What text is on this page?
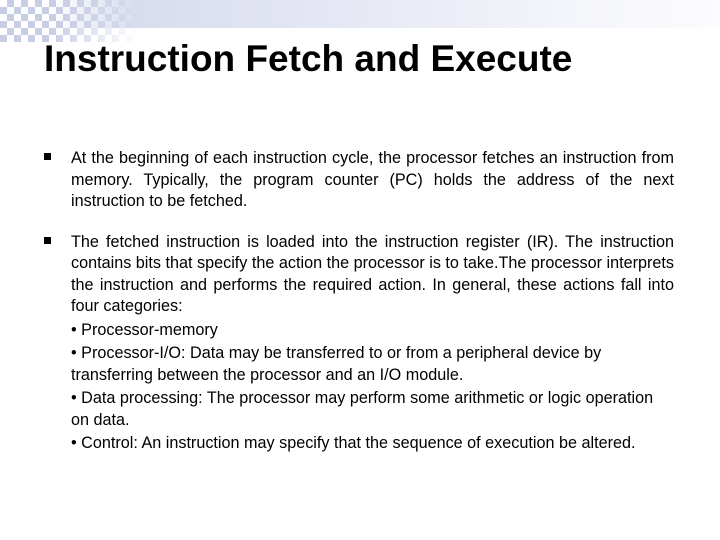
Instruction Fetch and Execute

At the beginning of each instruction cycle, the processor fetches an instruction from memory. Typically, the program counter (PC) holds the address of the next instruction to be fetched.

The fetched instruction is loaded into the instruction register (IR). The instruction contains bits that specify the action the processor is to take.The processor interprets the instruction and performs the required action. In general, these actions fall into four categories:

• Processor-memory

• Processor-I/O: Data may be transferred to or from a peripheral device by transferring between the processor and an I/O module.

• Data processing: The processor may perform some arithmetic or logic operation on data.

• Control: An instruction may specify that the sequence of execution be altered.
